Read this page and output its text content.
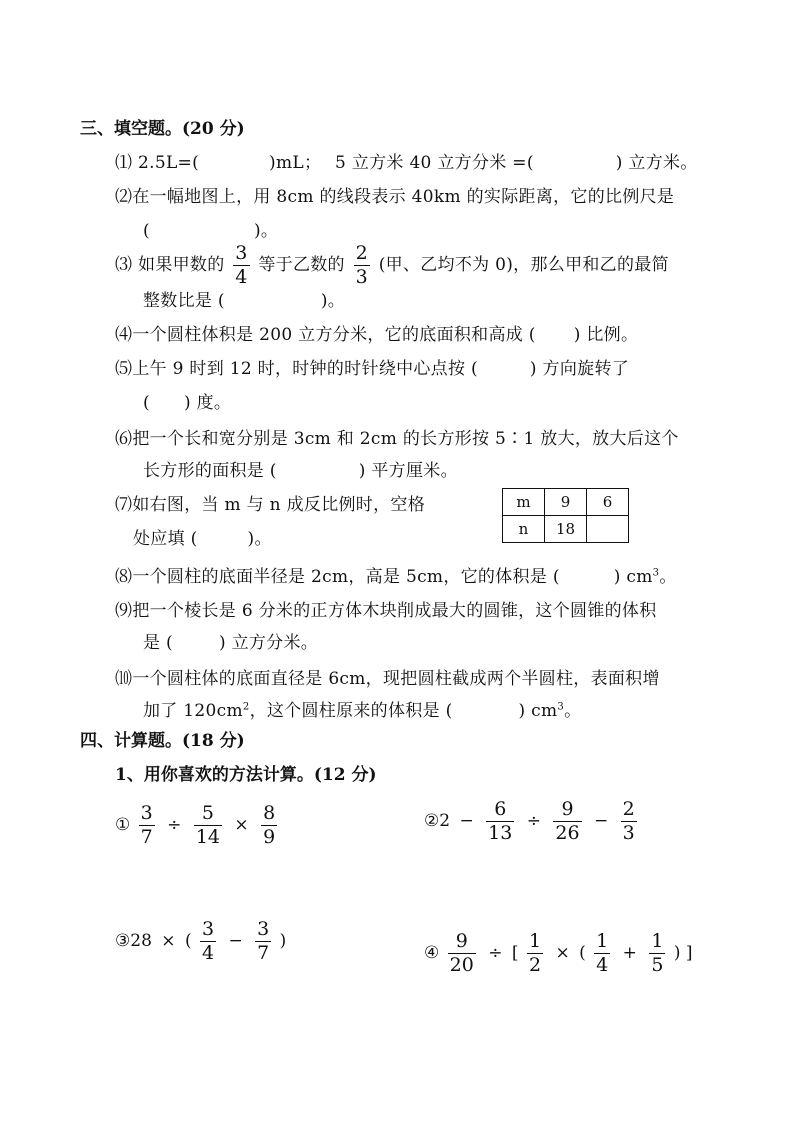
三、填空题。(20 分)
⑴ 2.5L=(	)mL； 5 立方米 40 立方分米 =(	) 立方米。
⑵在一幅地图上，用 8cm 的线段表示 40km 的实际距离，它的比例尺是
(	)。
⑶ 如果甲数的 $\frac{3}{4}$ 等于乙数的 $\frac{2}{3}$ (甲、乙均不为 0)，那么甲和乙的最简
整数比是 (	)。
⑷一个圆柱体积是 200 立方分米，它的底面积和高成 ( ) 比例。
⑸上午 9 时到 12 时，时钟的时针绕中心点按 (	) 方向旋转了
( ) 度。
⑹把一个长和宽分别是 3cm 和 2cm 的长方形按 5∶1 放大，放大后这个
长方形的面积是 (	) 平方厘米。
⑺如右图，当 m 与 n 成反比例时，空格
处应填 (	)。
m	9	6
n	18	
⑻一个圆柱的底面半径是 2cm，高是 5cm，它的体积是 (	) $cm^3$。
⑼把一个棱长是 6 分米的正方体木块削成最大的圆锥，这个圆锥的体积
是 (	) 立方分米。
⑽一个圆柱体的底面直径是 6cm，现把圆柱截成两个半圆柱，表面积增
加了 $120cm^2$，这个圆柱原来的体积是 (	) $cm^3$。
四、计算题。(18 分)
1、用你喜欢的方法计算。(12 分)
① $\frac{3}{7} \div \frac{5}{14} \times \frac{8}{9}$	②2 − $\frac{6}{13} \div \frac{9}{26} - \frac{2}{3}$
③28 × ( $\frac{3}{4} - \frac{3}{7}$ )
④ $\frac{9}{20}$ ÷ [ $\frac{1}{2}$ × ( $\frac{1}{4} + \frac{1}{5}$ ) ]
